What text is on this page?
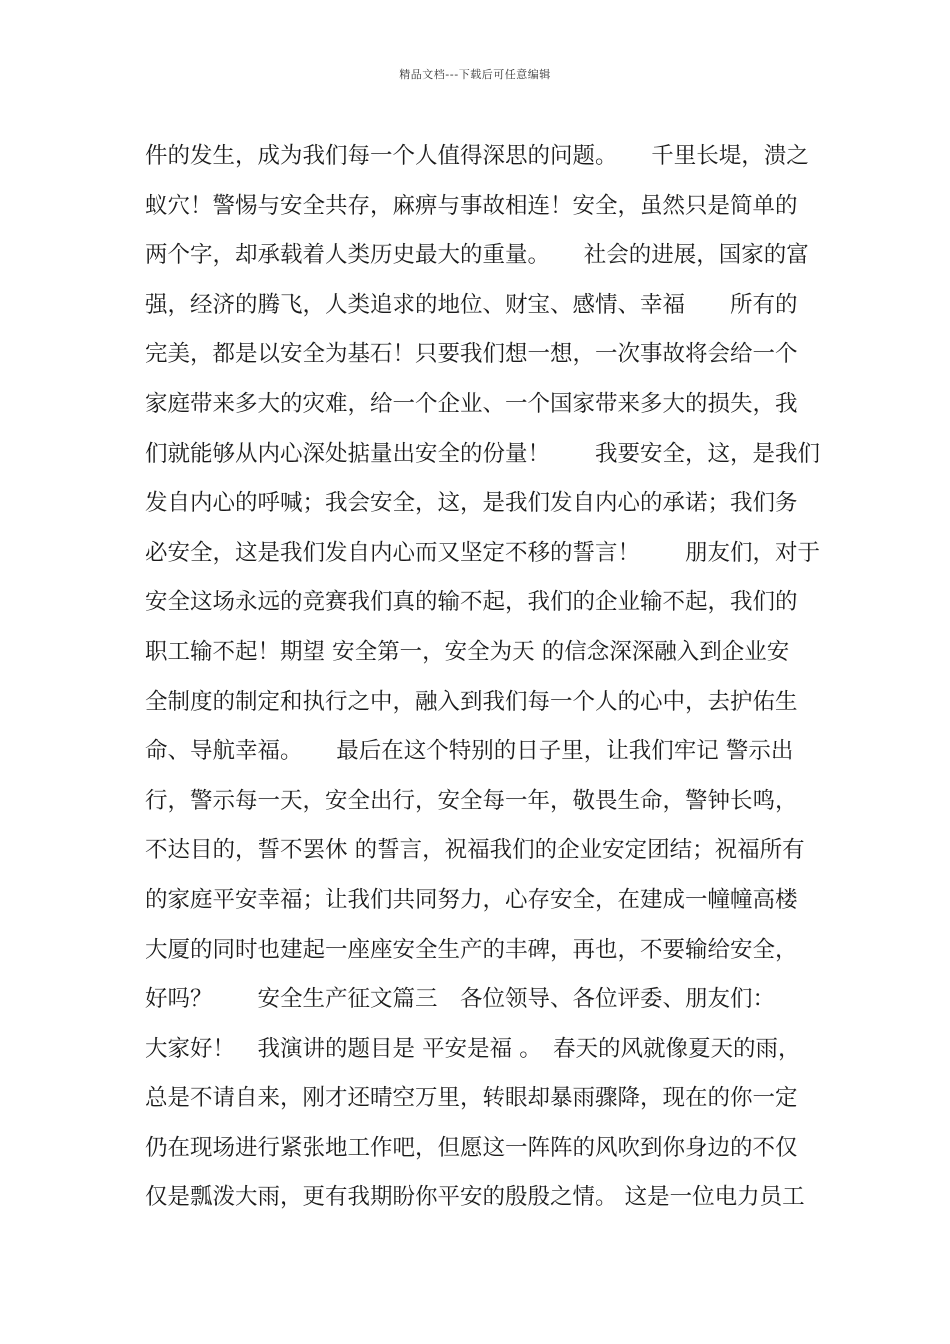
精品文档---下载后可任意编辑
件的发生，成为我们每一个人值得深思的问题。　　千里长堤，溃之
蚁穴！警惕与安全共存，麻痹与事故相连！安全，虽然只是简单的
两个字，却承载着人类历史最大的重量。　　社会的进展，国家的富
强，经济的腾飞，人类追求的地位、财宝、感情、幸福　　所有的
完美，都是以安全为基石！只要我们想一想，一次事故将会给一个
家庭带来多大的灾难，给一个企业、一个国家带来多大的损失，我
们就能够从内心深处掂量出安全的份量！　　我要安全，这，是我们
发自内心的呼喊；我会安全，这，是我们发自内心的承诺；我们务
必安全，这是我们发自内心而又坚定不移的誓言！　　朋友们，对于
安全这场永远的竞赛我们真的输不起，我们的企业输不起，我们的
职工输不起！期望 安全第一，安全为天 的信念深深融入到企业安
全制度的制定和执行之中，融入到我们每一个人的心中，去护佑生
命、导航幸福。　　最后在这个特别的日子里，让我们牢记 警示出
行，警示每一天，安全出行，安全每一年，敬畏生命，警钟长鸣，
不达目的，誓不罢休 的誓言，祝福我们的企业安定团结；祝福所有
的家庭平安幸福；让我们共同努力，心存安全，在建成一幢幢高楼
大厦的同时也建起一座座安全生产的丰碑，再也，不要输给安全，
好吗？　　安全生产征文篇三　各位领导、各位评委、朋友们：
大家好！　我演讲的题目是 平安是福 。　春天的风就像夏天的雨，
总是不请自来，刚才还晴空万里，转眼却暴雨骤降，现在的你一定
仍在现场进行紧张地工作吧，但愿这一阵阵的风吹到你身边的不仅
仅是瓢泼大雨，更有我期盼你平安的殷殷之情。 这是一位电力员工
